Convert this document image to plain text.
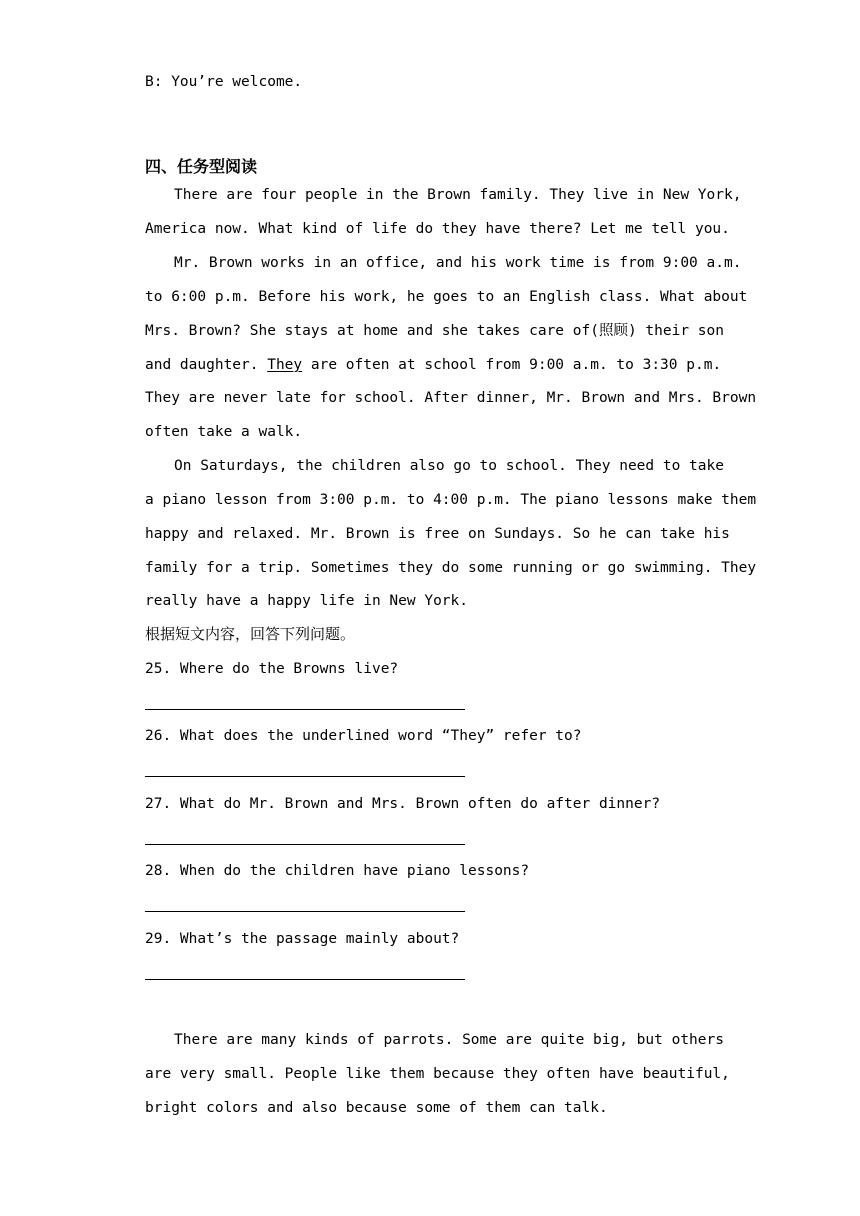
B: You’re welcome.
四、任务型阅读
There are four people in the Brown family. They live in New York,
America now. What kind of life do they have there? Let me tell you.
Mr. Brown works in an office, and his work time is from 9:00 a.m.
to 6:00 p.m. Before his work, he goes to an English class. What about
Mrs. Brown? She stays at home and she takes care of(照顾) their son
and daughter. They are often at school from 9:00 a.m. to 3:30 p.m.
They are never late for school. After dinner, Mr. Brown and Mrs. Brown
often take a walk.
On Saturdays, the children also go to school. They need to take
a piano lesson from 3:00 p.m. to 4:00 p.m. The piano lessons make them
happy and relaxed. Mr. Brown is free on Sundays. So he can take his
family for a trip. Sometimes they do some running or go swimming. They
really have a happy life in New York.
根据短文内容，回答下列问题。
25. Where do the Browns live?
26. What does the underlined word “They” refer to?
27. What do Mr. Brown and Mrs. Brown often do after dinner?
28. When do the children have piano lessons?
29. What’s the passage mainly about?
There are many kinds of parrots. Some are quite big, but others
are very small. People like them because they often have beautiful,
bright colors and also because some of them can talk.
